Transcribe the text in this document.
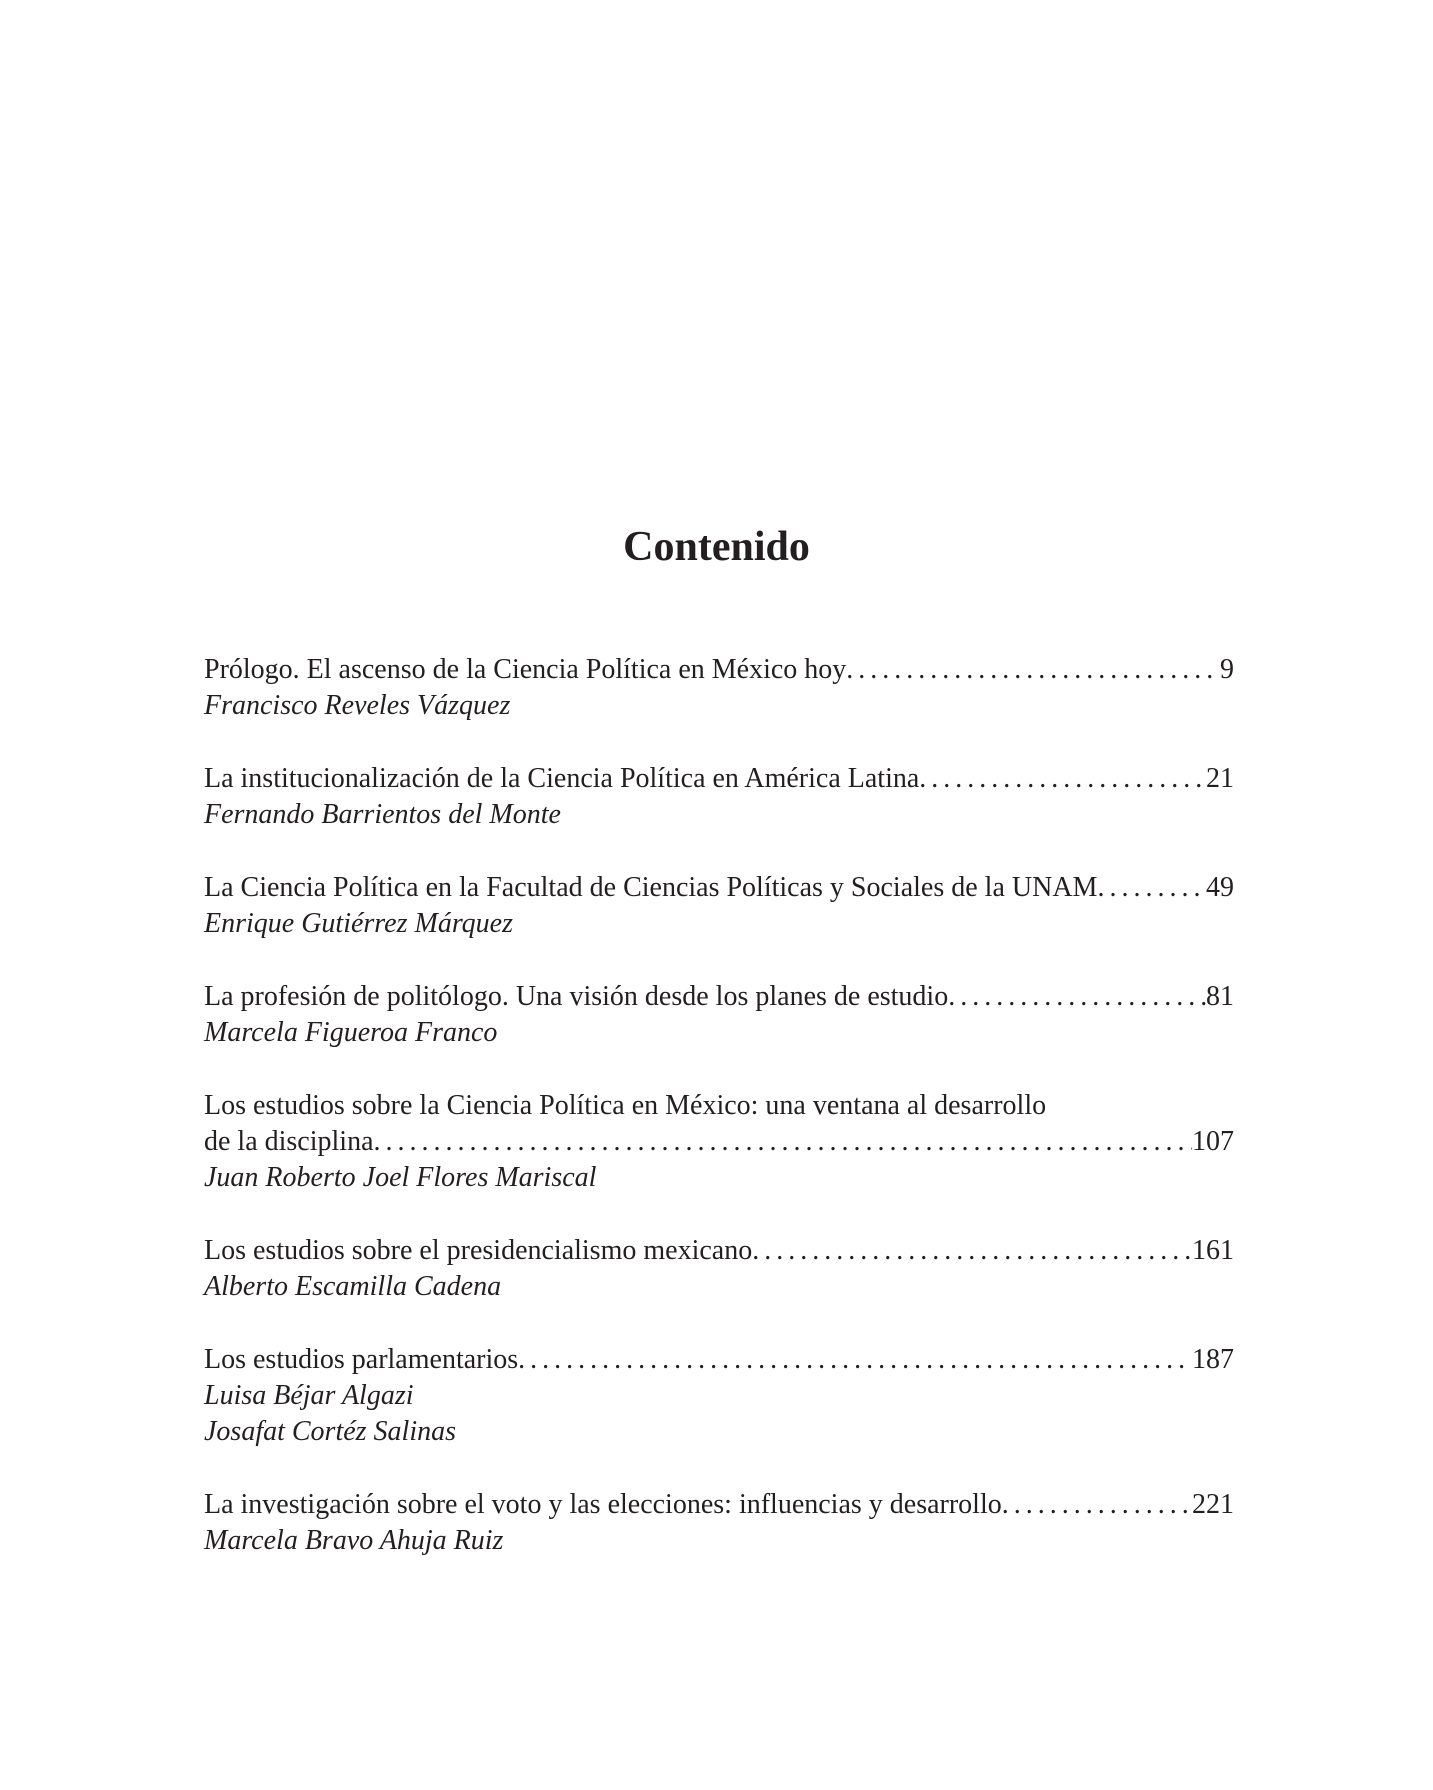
Contenido
Prólogo. El ascenso de la Ciencia Política en México hoy . . .	9
Francisco Reveles Vázquez
La institucionalización de la Ciencia Política en América Latina . . .	21
Fernando Barrientos del Monte
La Ciencia Política en la Facultad de Ciencias Políticas y Sociales de la UNAM . . .	49
Enrique Gutiérrez Márquez
La profesión de politólogo. Una visión desde los planes de estudio . . .	81
Marcela Figueroa Franco
Los estudios sobre la Ciencia Política en México: una ventana al desarrollo
de la disciplina . . .	107
Juan Roberto Joel Flores Mariscal
Los estudios sobre el presidencialismo mexicano . . .	161
Alberto Escamilla Cadena
Los estudios parlamentarios . . .	187
Luisa Béjar Algazi
Josafat Cortéz Salinas
La investigación sobre el voto y las elecciones: influencias y desarrollo . . .	221
Marcela Bravo Ahuja Ruiz
